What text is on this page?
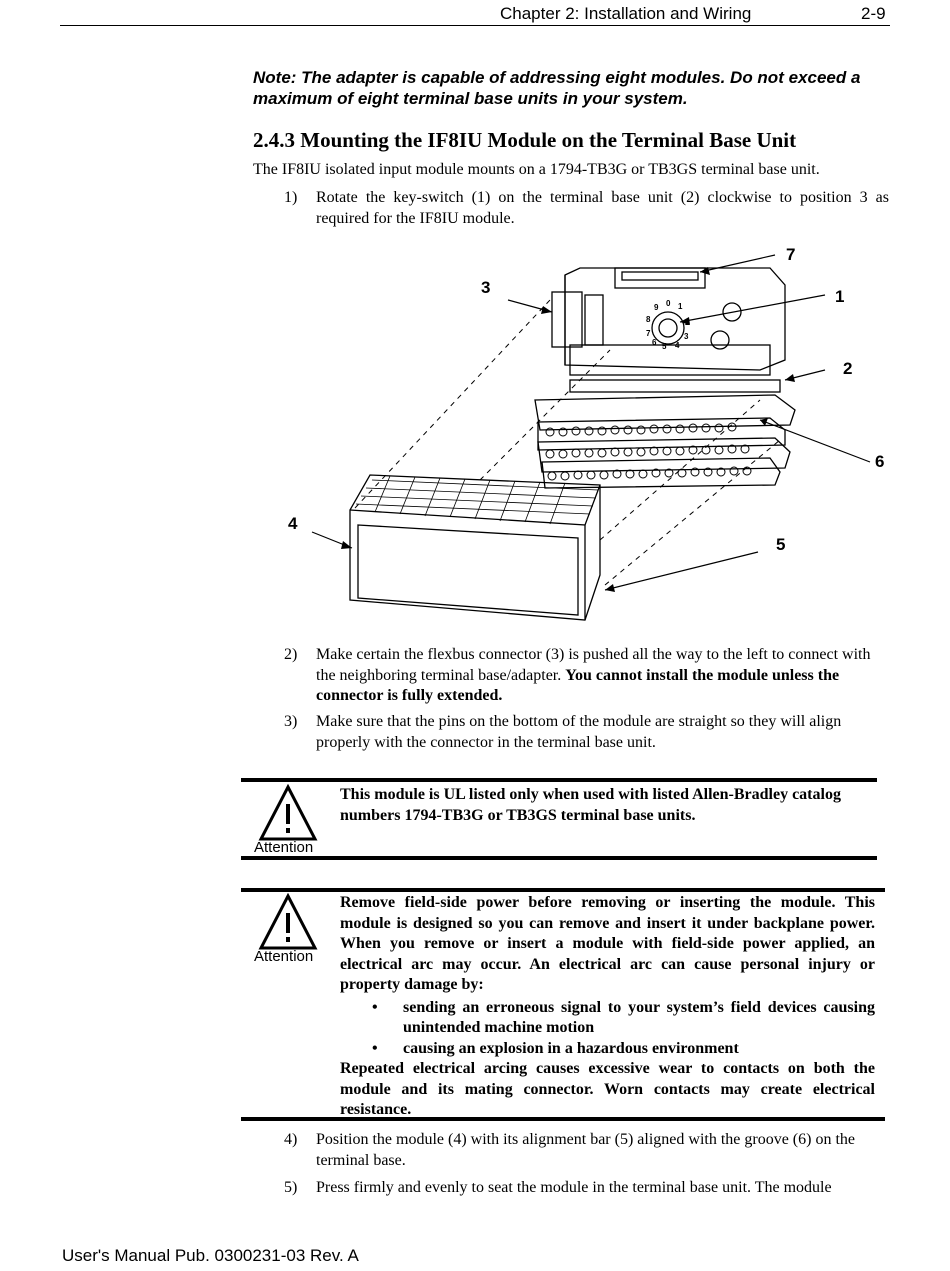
Chapter 2: Installation and Wiring	2-9
Note: The adapter is capable of addressing eight modules. Do not exceed a maximum of eight terminal base units in your system.
2.4.3 Mounting the IF8IU Module on the Terminal Base Unit
The IF8IU isolated input module mounts on a 1794-TB3G or TB3GS terminal base unit.
1)	Rotate the key-switch (1) on the terminal base unit (2) clockwise to position 3 as required for the IF8IU module.
0 1
2
3
4
5
6
7
8
9
1
2
3
4
5
6
7
2)	Make certain the flexbus connector (3) is pushed all the way to the left to connect with the neighboring terminal base/adapter. You cannot install the module unless the connector is fully extended.
3)	Make sure that the pins on the bottom of the module are straight so they will align properly with the connector in the terminal base unit.
Attention
This module is UL listed only when used with listed Allen-Bradley catalog numbers 1794-TB3G or TB3GS terminal base units.
Attention
Remove field-side power before removing or inserting the module. This module is designed so you can remove and insert it under backplane power. When you remove or insert a module with field-side power applied, an electrical arc may occur. An electrical arc can cause personal injury or property damage by:
• sending an erroneous signal to your system’s field devices causing unintended machine motion
• causing an explosion in a hazardous environment
Repeated electrical arcing causes excessive wear to contacts on both the module and its mating connector. Worn contacts may create electrical resistance.
4)	Position the module (4) with its alignment bar (5) aligned with the groove (6) on the terminal base.
5)	Press firmly and evenly to seat the module in the terminal base unit. The module
User's Manual Pub. 0300231-03 Rev. A
